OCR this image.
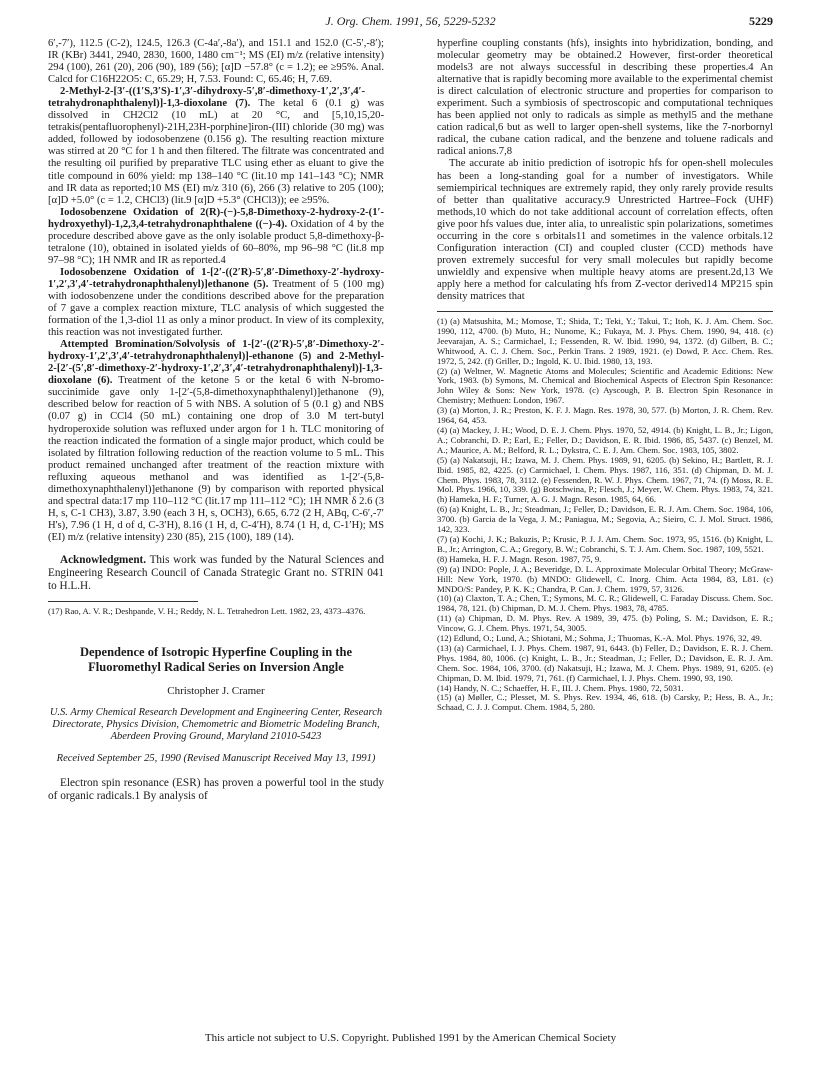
J. Org. Chem. 1991, 56, 5229-5232	5229

6′,-7′), 112.5 (C-2), 124.5, 126.3 (C-4a′,-8a′), and 151.1 and 152.0 (C-5′,-8′); IR (KBr) 3441, 2940, 2830, 1600, 1480 cm⁻¹; MS (EI) m/z (relative intensity) 294 (100), 261 (20), 206 (90), 189 (56); [α]D −57.8° (c = 1.2); ee ≥95%. Anal. Calcd for C16H22O5: C, 65.29; H, 7.53. Found: C, 65.46; H, 7.69.

2-Methyl-2-[3′-((1′S,3′S)-1′,3′-dihydroxy-5′,8′-dimethoxy-1′,2′,3′,4′-tetrahydronaphthalenyl)]-1,3-dioxolane (7). The ketal 6 (0.1 g) was dissolved in CH2Cl2 (10 mL) at 20 °C, and [5,10,15,20-tetrakis(pentafluorophenyl)-21H,23H-porphine]iron-(III) chloride (30 mg) was added, followed by iodosobenzene (0.156 g). The resulting reaction mixture was stirred at 20 °C for 1 h and then filtered. The filtrate was concentrated and the resulting oil purified by preparative TLC using ether as eluant to give the title compound in 60% yield: mp 138–140 °C (lit.10 mp 141–143 °C); NMR and IR data as reported;10 MS (EI) m/z 310 (6), 266 (3) relative to 205 (100); [α]D +5.0° (c = 1.2, CHCl3) (lit.9 [α]D +5.3° (CHCl3)); ee ≥95%.

Iodosobenzene Oxidation of 2(R)-(−)-5,8-Dimethoxy-2-hydroxy-2-(1′-hydroxyethyl)-1,2,3,4-tetrahydronaphthalene ((−)-4). Oxidation of 4 by the procedure described above gave as the only isolable product 5,8-dimethoxy-β-tetralone (10), obtained in isolated yields of 60–80%, mp 96–98 °C (lit.8 mp 97–98 °C); 1H NMR and IR as reported.4

Iodosobenzene Oxidation of 1-[2′-((2′R)-5′,8′-Dimethoxy-2′-hydroxy-1′,2′,3′,4′-tetrahydronaphthalenyl)]ethanone (5). Treatment of 5 (100 mg) with iodosobenzene under the conditions described above for the preparation of 7 gave a complex reaction mixture, TLC analysis of which suggested the formation of the 1,3-diol 11 as only a minor product. In view of its complexity, this reaction was not investigated further.

Attempted Bromination/Solvolysis of 1-[2′-((2′R)-5′,8′-Dimethoxy-2′-hydroxy-1′,2′,3′,4′-tetrahydronaphthalenyl)]-ethanone (5) and 2-Methyl-2-[2′-(5′,8′-dimethoxy-2′-hydroxy-1′,2′,3′,4′-tetrahydronaphthalenyl)]-1,3-dioxolane (6). Treatment of the ketone 5 or the ketal 6 with N-bromo-succinimide gave only 1-[2′-(5,8-dimethoxynaphthalenyl)]ethanone (9), described below for reaction of 5 with NBS. A solution of 5 (0.1 g) and NBS (0.07 g) in CCl4 (50 mL) containing one drop of 3.0 M tert-butyl hydroperoxide solution was refluxed under argon for 1 h. TLC monitoring of the reaction indicated the formation of a single major product, which could be isolated by filtration following reduction of the reaction volume to 5 mL. This product remained unchanged after treatment of the reaction mixture with refluxing aqueous methanol and was identified as 1-[2′-(5,8-dimethoxynaphthalenyl)]ethanone (9) by comparison with reported physical and spectral data:17 mp 110–112 °C (lit.17 mp 111–112 °C); 1H NMR δ 2.6 (3 H, s, C-1 CH3), 3.87, 3.90 (each 3 H, s, OCH3), 6.65, 6.72 (2 H, ABq, C-6′,-7′ H's), 7.96 (1 H, d of d, C-3′H), 8.16 (1 H, d, C-4′H), 8.74 (1 H, d, C-1′H); MS (EI) m/z (relative intensity) 230 (85), 215 (100), 189 (14).

Acknowledgment. This work was funded by the Natural Sciences and Engineering Research Council of Canada Strategic Grant no. STRIN 041 to H.L.H.

(17) Rao, A. V. R.; Deshpande, V. H.; Reddy, N. L. Tetrahedron Lett. 1982, 23, 4373–4376.

Dependence of Isotropic Hyperfine Coupling in the Fluoromethyl Radical Series on Inversion Angle
Christopher J. Cramer
U.S. Army Chemical Research Development and Engineering Center, Research Directorate, Physics Division, Chemometric and Biometric Modeling Branch, Aberdeen Proving Ground, Maryland 21010-5423
Received September 25, 1990 (Revised Manuscript Received May 13, 1991)

Electron spin resonance (ESR) has proven a powerful tool in the study of organic radicals.1 By analysis of

hyperfine coupling constants (hfs), insights into hybridization, bonding, and molecular geometry may be obtained.2 However, first-order theoretical models3 are not always successful in describing these properties.4 An alternative that is rapidly becoming more available to the experimental chemist is direct calculation of electronic structure and properties for comparison to experiment. Such a symbiosis of spectroscopic and computational techniques has been applied not only to radicals as simple as methyl5 and the methane cation radical,6 but as well to larger open-shell systems, like the 7-norbornyl radical, the cubane cation radical, and the benzene and toluene radicals and radical anions.7,8

The accurate ab initio prediction of isotropic hfs for open-shell molecules has been a long-standing goal for a number of investigators. While semiempirical techniques are extremely rapid, they only rarely provide results of better than qualitative accuracy.9 Unrestricted Hartree–Fock (UHF) methods,10 which do not take additional account of correlation effects, often give poor hfs values due, inter alia, to unrealistic spin polarizations, sometimes occurring in the core s orbitals11 and sometimes in the valence orbitals.12 Configuration interaction (CI) and coupled cluster (CCD) methods have proven extremely succesful for very small molecules but rapidly become unwieldly and expensive when multiple heavy atoms are present.2d,13 We apply here a method for calculating hfs from Z-vector derived14 MP215 spin density matrices that

(1) (a) Matsushita, M.; Momose, T.; Shida, T.; Teki, Y.; Takui, T.; Itoh, K. J. Am. Chem. Soc. 1990, 112, 4700. (b) Muto, H.; Nunome, K.; Fukaya, M. J. Phys. Chem. 1990, 94, 418. (c) Jeevarajan, A. S.; Carmichael, I.; Fessenden, R. W. Ibid. 1990, 94, 1372. (d) Gilbert, B. C.; Whitwood, A. C. J. Chem. Soc., Perkin Trans. 2 1989, 1921. (e) Dowd, P. Acc. Chem. Res. 1972, 5, 242. (f) Griller, D.; Ingold, K. U. Ibid. 1980, 13, 193.

(2) (a) Weltner, W. Magnetic Atoms and Molecules; Scientific and Academic Editions: New York, 1983. (b) Symons, M. Chemical and Biochemical Aspects of Electron Spin Resonance: John Wiley & Sons: New York, 1978. (c) Ayscough, P. B. Electron Spin Resonance in Chemistry; Methuen: London, 1967.

(3) (a) Morton, J. R.; Preston, K. F. J. Magn. Res. 1978, 30, 577. (b) Morton, J. R. Chem. Rev. 1964, 64, 453.

(4) (a) Mackey, J. H.; Wood, D. E. J. Chem. Phys. 1970, 52, 4914. (b) Knight, L. B., Jr.; Ligon, A.; Cobranchi, D. P.; Earl, E.; Feller, D.; Davidson, E. R. Ibid. 1986, 85, 5437. (c) Benzel, M. A.; Maurice, A. M.; Belford, R. L.; Dykstra, C. E. J. Am. Chem. Soc. 1983, 105, 3802.

(5) (a) Nakatsuji, H.; Izawa, M. J. Chem. Phys. 1989, 91, 6205. (b) Sekino, H.; Bartlett, R. J. Ibid. 1985, 82, 4225. (c) Carmichael, I. Chem. Phys. 1987, 116, 351. (d) Chipman, D. M. J. Chem. Phys. 1983, 78, 3112. (e) Fessenden, R. W. J. Phys. Chem. 1967, 71, 74. (f) Moss, R. E. Mol. Phys. 1966, 10, 339. (g) Botschwina, P.; Flesch, J.; Meyer, W. Chem. Phys. 1983, 74, 321. (h) Hameka, H. F.; Turner, A. G. J. Magn. Reson. 1985, 64, 66.

(6) (a) Knight, L. B., Jr.; Steadman, J.; Feller, D.; Davidson, E. R. J. Am. Chem. Soc. 1984, 106, 3700. (b) Garcia de la Vega, J. M.; Paniagua, M.; Segovia, A.; Sieiro, C. J. Mol. Struct. 1986, 142, 323.

(7) (a) Kochi, J. K.; Bakuzis, P.; Krusic, P. J. J. Am. Chem. Soc. 1973, 95, 1516. (b) Knight, L. B., Jr.; Arrington, C. A.; Gregory, B. W.; Cobranchi, S. T. J. Am. Chem. Soc. 1987, 109, 5521.

(8) Hameka, H. F. J. Magn. Reson. 1987, 75, 9.

(9) (a) INDO: Pople, J. A.; Beveridge, D. L. Approximate Molecular Orbital Theory; McGraw-Hill: New York, 1970. (b) MNDO: Glidewell, C. Inorg. Chim. Acta 1984, 83, L81. (c) MNDO/S: Pandey, P. K. K.; Chandra, P. Can. J. Chem. 1979, 57, 3126.

(10) (a) Claxton, T. A.; Chen, T.; Symons, M. C. R.; Glidewell, C. Faraday Discuss. Chem. Soc. 1984, 78, 121. (b) Chipman, D. M. J. Chem. Phys. 1983, 78, 4785.

(11) (a) Chipman, D. M. Phys. Rev. A 1989, 39, 475. (b) Poling, S. M.; Davidson, E. R.; Vincow, G. J. Chem. Phys. 1971, 54, 3005.

(12) Edlund, O.; Lund, A.; Shiotani, M.; Sohma, J.; Thuomas, K.-A. Mol. Phys. 1976, 32, 49.

(13) (a) Carmichael, I. J. Phys. Chem. 1987, 91, 6443. (b) Feller, D.; Davidson, E. R. J. Chem. Phys. 1984, 80, 1006. (c) Knight, L. B., Jr.; Steadman, J.; Feller, D.; Davidson, E. R. J. Am. Chem. Soc. 1984, 106, 3700. (d) Nakatsuji, H.; Izawa, M. J. Chem. Phys. 1989, 91, 6205. (e) Chipman, D. M. Ibid. 1979, 71, 761. (f) Carmichael, I. J. Phys. Chem. 1990, 93, 190.

(14) Handy, N. C.; Schaeffer, H. F., III. J. Chem. Phys. 1980, 72, 5031.

(15) (a) Møller, C.; Plesset, M. S. Phys. Rev. 1934, 46, 618. (b) Carsky, P.; Hess, B. A., Jr.; Schaad, C. J. J. Comput. Chem. 1984, 5, 280.

This article not subject to U.S. Copyright. Published 1991 by the American Chemical Society
